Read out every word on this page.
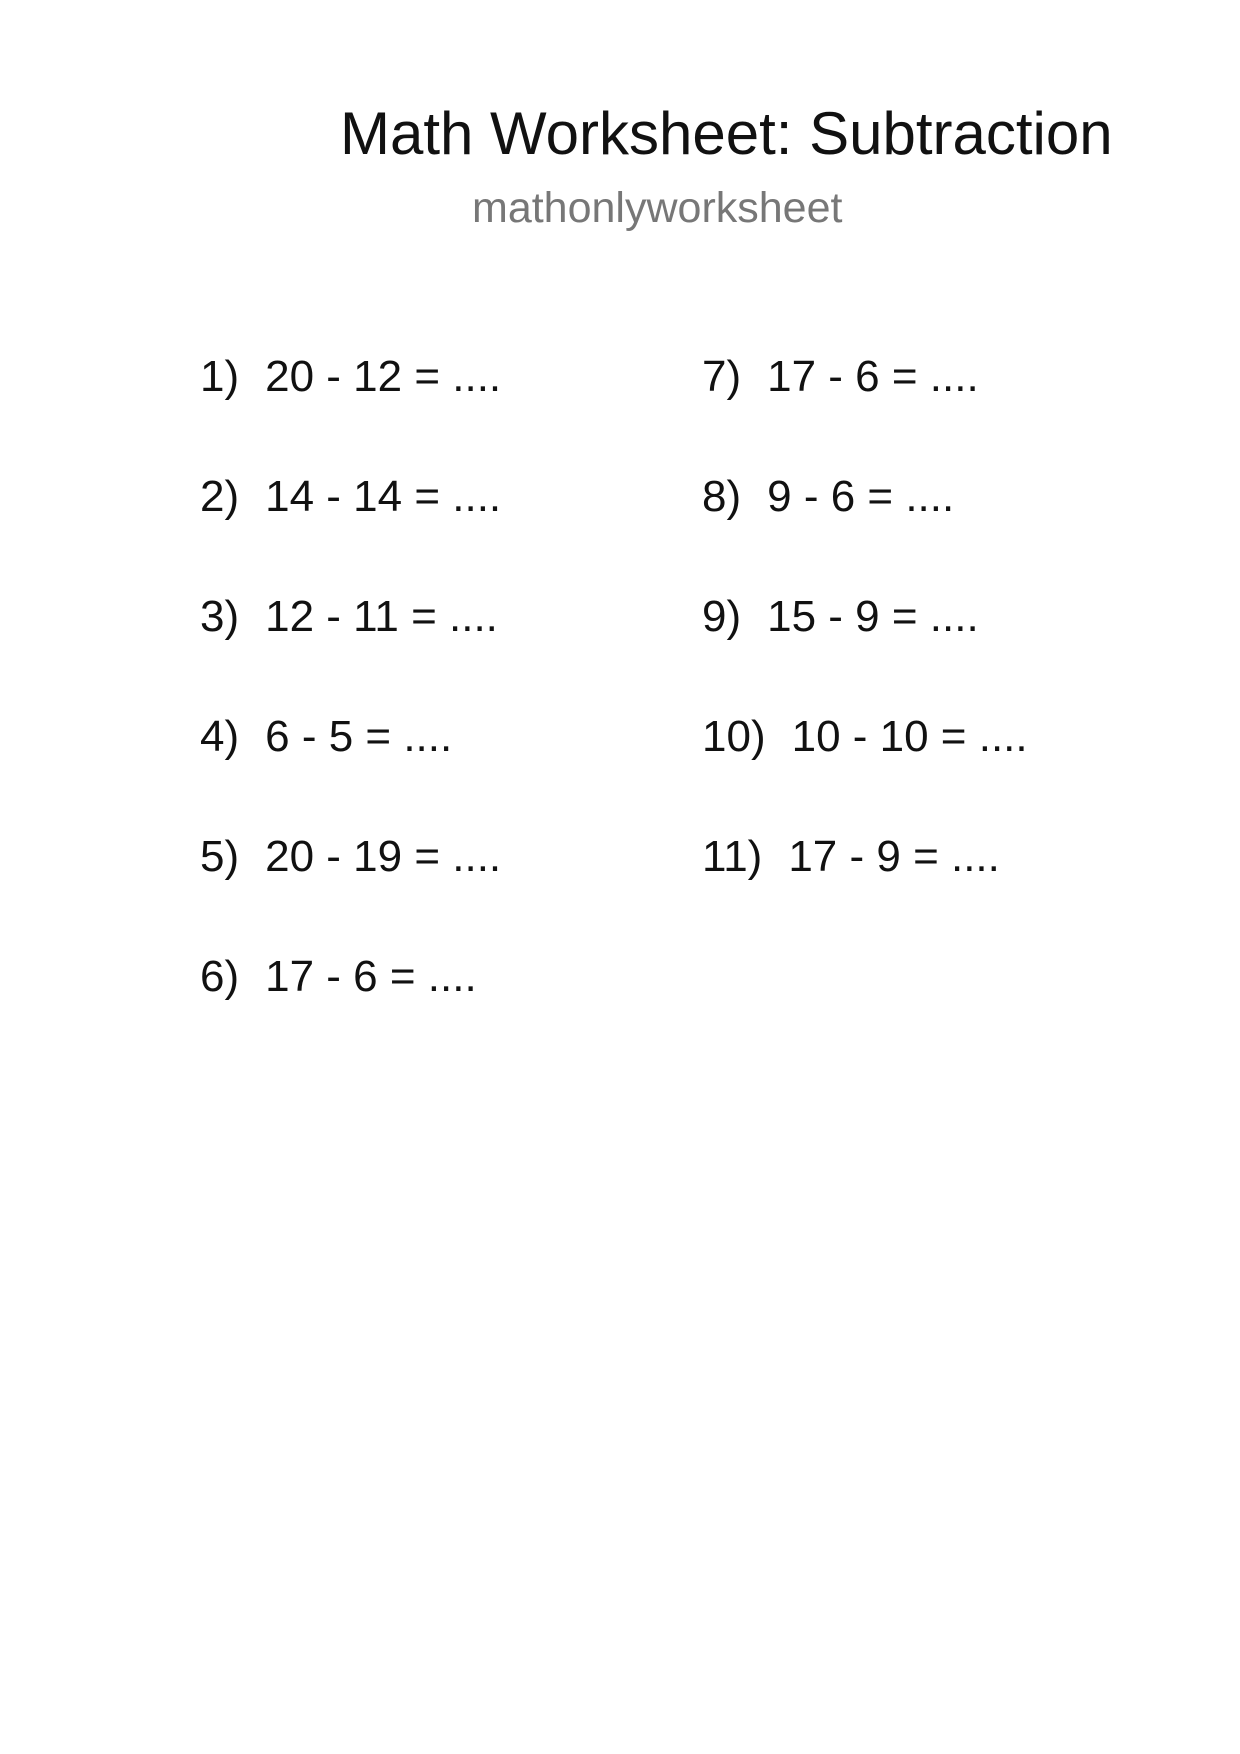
Math Worksheet: Subtraction
mathonlyworksheet
1) 20 - 12 = ....
2) 14 - 14 = ....
3) 12 - 11 = ....
4) 6 - 5 = ....
5) 20 - 19 = ....
6) 17 - 6 = ....
7) 17 - 6 = ....
8) 9 - 6 = ....
9) 15 - 9 = ....
10) 10 - 10 = ....
11) 17 - 9 = ....
